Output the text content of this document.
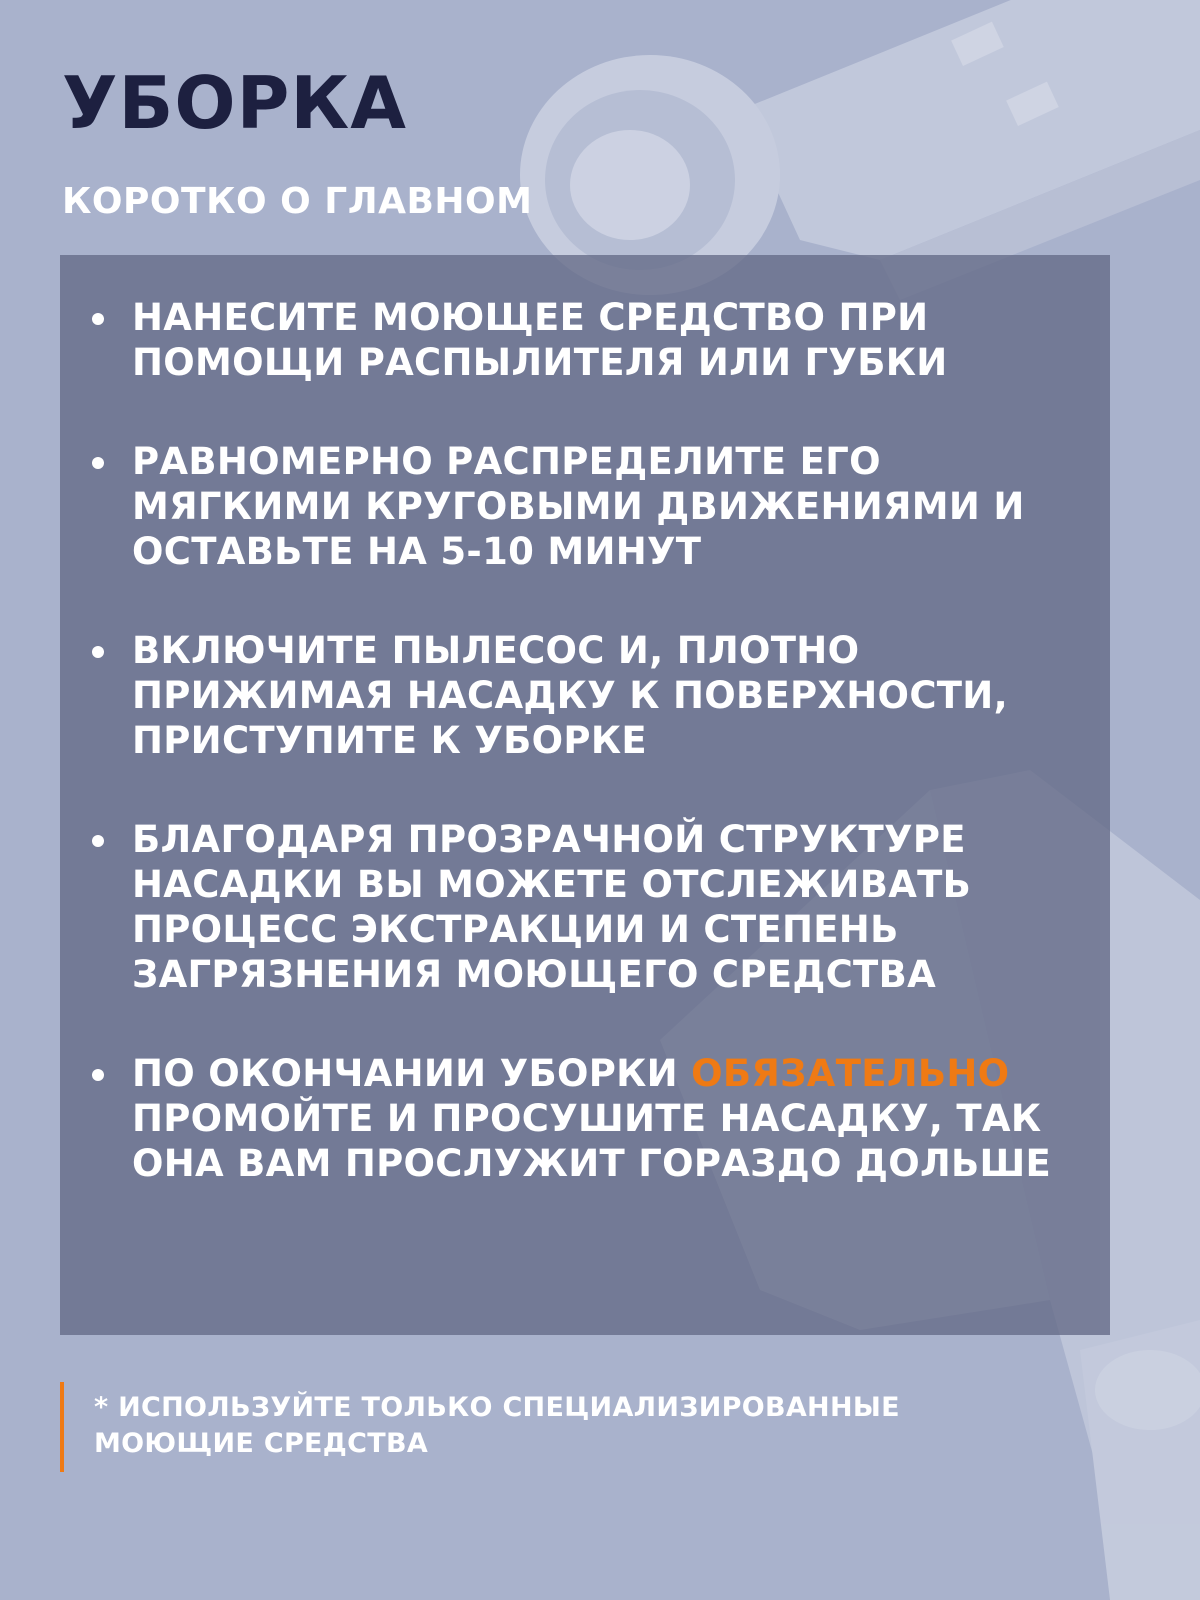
УБОРКА
КОРОТКО О ГЛАВНОМ
НАНЕСИТЕ МОЮЩЕЕ СРЕДСТВО ПРИ ПОМОЩИ РАСПЫЛИТЕЛЯ ИЛИ ГУБКИ
РАВНОМЕРНО РАСПРЕДЕЛИТЕ ЕГО МЯГКИМИ КРУГОВЫМИ ДВИЖЕНИЯМИ И ОСТАВЬТЕ НА 5-10 МИНУТ
ВКЛЮЧИТЕ ПЫЛЕСОС И, ПЛОТНО ПРИЖИМАЯ НАСАДКУ К ПОВЕРХНОСТИ, ПРИСТУПИТЕ К УБОРКЕ
БЛАГОДАРЯ ПРОЗРАЧНОЙ СТРУКТУРЕ НАСАДКИ ВЫ МОЖЕТЕ ОТСЛЕЖИВАТЬ ПРОЦЕСС ЭКСТРАКЦИИ И СТЕПЕНЬ ЗАГРЯЗНЕНИЯ МОЮЩЕГО СРЕДСТВА
ПО ОКОНЧАНИИ УБОРКИ ОБЯЗАТЕЛЬНО ПРОМОЙТЕ И ПРОСУШИТЕ НАСАДКУ, ТАК ОНА ВАМ ПРОСЛУЖИТ ГОРАЗДО ДОЛЬШЕ

* ИСПОЛЬЗУЙТЕ ТОЛЬКО СПЕЦИАЛИЗИРОВАННЫЕ МОЮЩИЕ СРЕДСТВА
